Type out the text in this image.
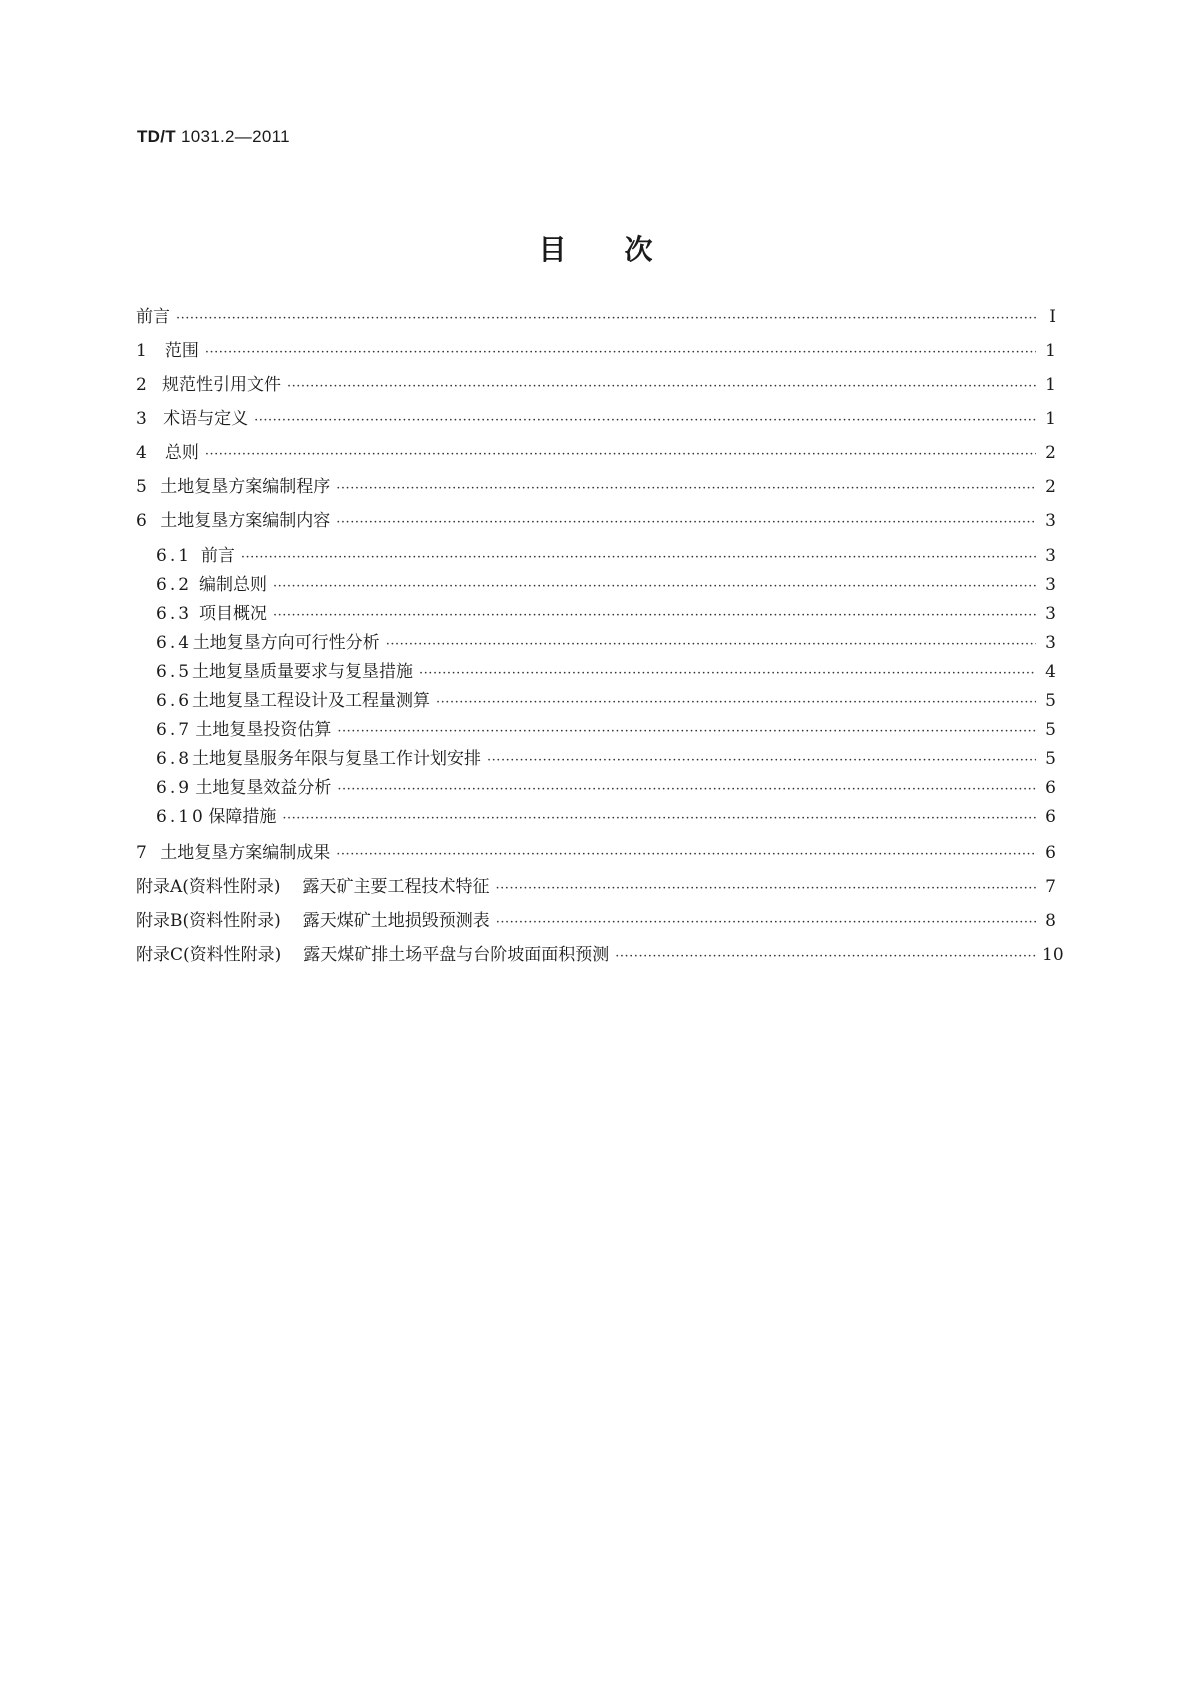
TD/T 1031.2—2011
目次
前言 ·····	Ⅰ
1	范围 ·····	1
2 规范性引用文件 ·····	1
3 术语与定义 ·····	1
4	总则 ·····	2
5 土地复垦方案编制程序 ·····	2
6 土地复垦方案编制内容 ·····	3
6.1 前言 ·····	3
6.2 编制总则 ·····	3
6.3 项目概况 ·····	3
6.4 土地复垦方向可行性分析 ·····	3
6.5 土地复垦质量要求与复垦措施 ·····	4
6.6 土地复垦工程设计及工程量测算 ·····	5
6.7 土地复垦投资估算 ·····	5
6.8 土地复垦服务年限与复垦工作计划安排 ·····	5
6.9 土地复垦效益分析 ·····	6
6.10 保障措施 ·····	6
7 土地复垦方案编制成果 ·····	6
附录A(资料性附录) 露天矿主要工程技术特征 ·····	7
附录B(资料性附录) 露天煤矿土地损毁预测表 ·····	8
附录C(资料性附录) 露天煤矿排土场平盘与台阶坡面面积预测 ·····	10
